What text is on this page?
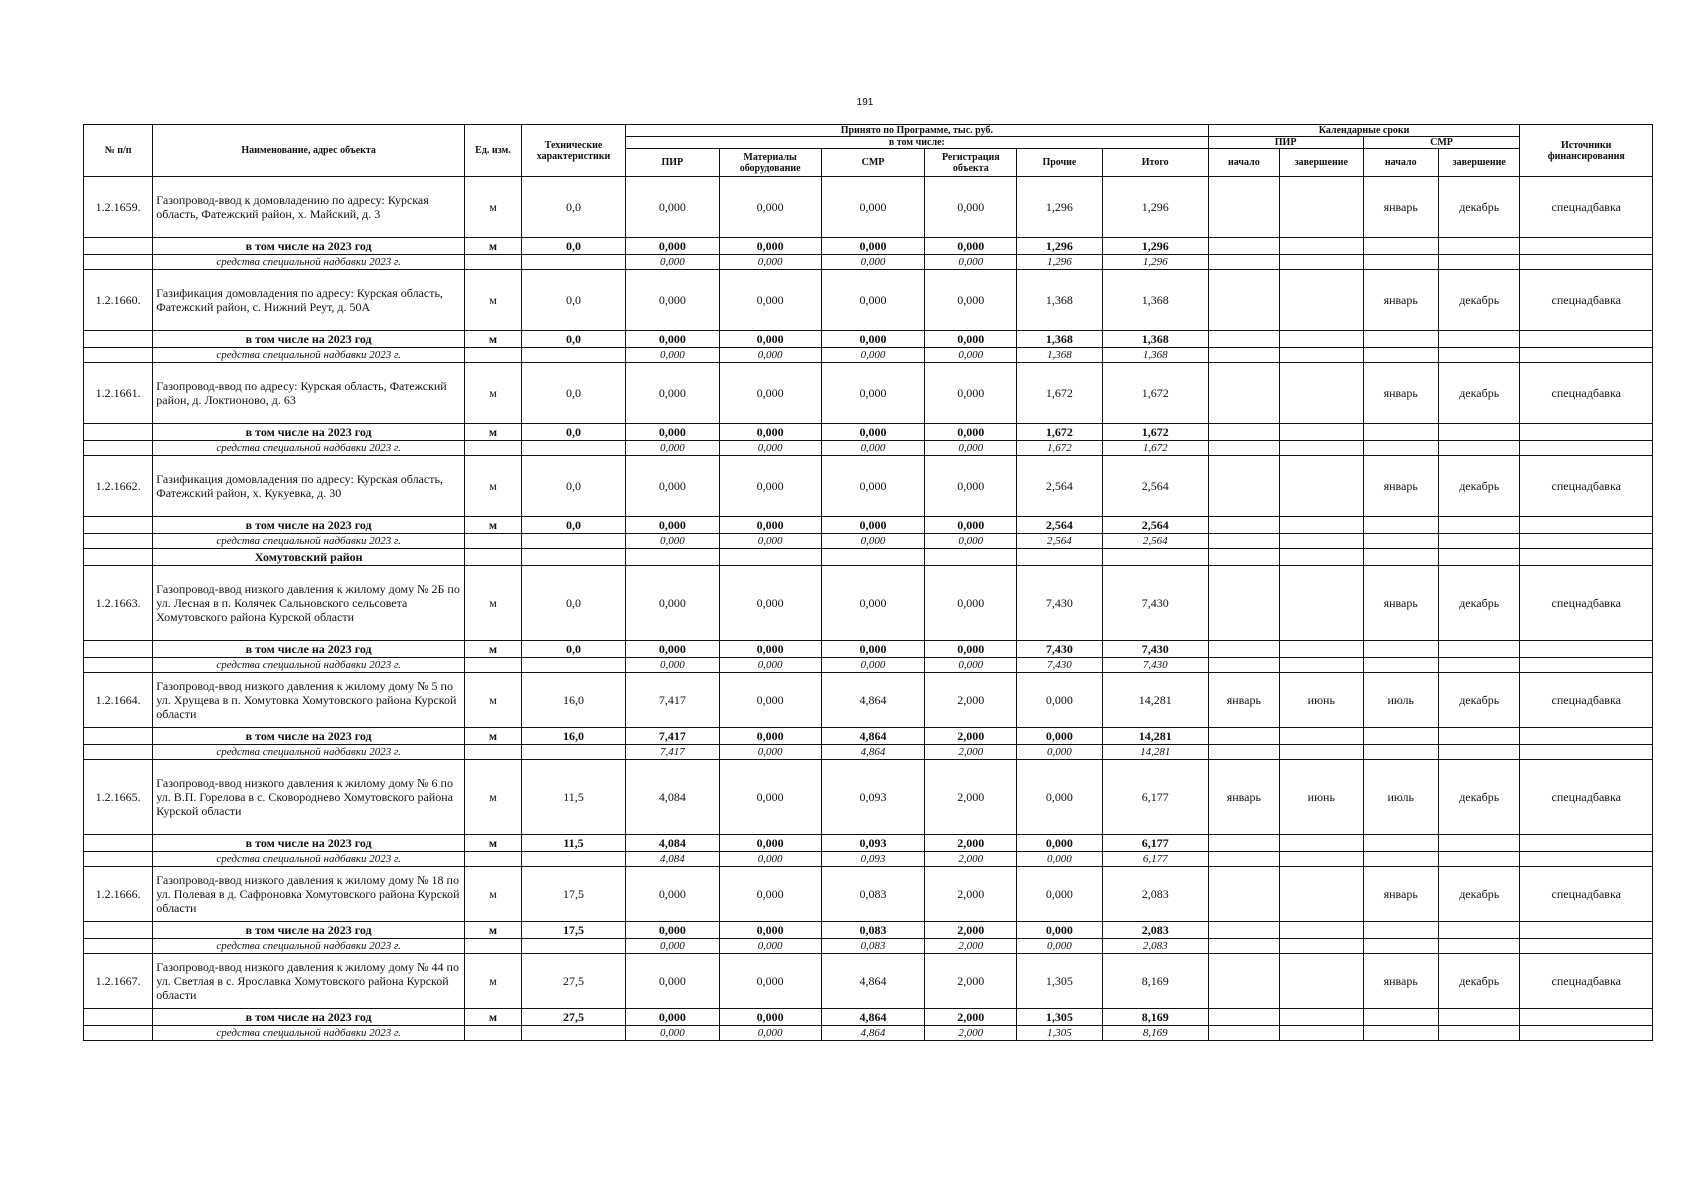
191
№ п/п	Наименование, адрес объекта	Ед. изм.	Технические характеристики	Принято по Программе, тыс. руб.						Календарные сроки				Источники финансирования
				в том числе:						ПИР		СМР		
				ПИР	Материалы оборудование	СМР	Регистрация объекта	Прочие	Итого	начало	завершение	начало	завершение	
1.2.1659.	Газопровод-ввод к домовладению по адресу: Курская область, Фатежский район, х. Майский, д. 3	м	0,0	0,000	0,000	0,000	0,000	1,296	1,296			январь	декабрь	спецнадбавка
	в том числе на 2023 год	м	0,0	0,000	0,000	0,000	0,000	1,296	1,296					
	средства специальной надбавки 2023 г.			0,000	0,000	0,000	0,000	1,296	1,296					
1.2.1660.	Газификация домовладения по адресу: Курская область, Фатежский район, с. Нижний Реут, д. 50А	м	0,0	0,000	0,000	0,000	0,000	1,368	1,368			январь	декабрь	спецнадбавка
	в том числе на 2023 год	м	0,0	0,000	0,000	0,000	0,000	1,368	1,368					
	средства специальной надбавки 2023 г.			0,000	0,000	0,000	0,000	1,368	1,368					
1.2.1661.	Газопровод-ввод по адресу: Курская область, Фатежский район, д. Локтионово, д. 63	м	0,0	0,000	0,000	0,000	0,000	1,672	1,672			январь	декабрь	спецнадбавка
	в том числе на 2023 год	м	0,0	0,000	0,000	0,000	0,000	1,672	1,672					
	средства специальной надбавки 2023 г.			0,000	0,000	0,000	0,000	1,672	1,672					
1.2.1662.	Газификация домовладения по адресу: Курская область, Фатежский район, х. Кукуевка, д. 30	м	0,0	0,000	0,000	0,000	0,000	2,564	2,564			январь	декабрь	спецнадбавка
	в том числе на 2023 год	м	0,0	0,000	0,000	0,000	0,000	2,564	2,564					
	средства специальной надбавки 2023 г.			0,000	0,000	0,000	0,000	2,564	2,564					
	Хомутовский район													
1.2.1663.	Газопровод-ввод низкого давления к жилому дому № 2Б по ул. Лесная в п. Колячек Сальновского сельсовета Хомутовского района Курской области	м	0,0	0,000	0,000	0,000	0,000	7,430	7,430			январь	декабрь	спецнадбавка
	в том числе на 2023 год	м	0,0	0,000	0,000	0,000	0,000	7,430	7,430					
	средства специальной надбавки 2023 г.			0,000	0,000	0,000	0,000	7,430	7,430					
1.2.1664.	Газопровод-ввод низкого давления к жилому дому № 5 по ул. Хрущева в п. Хомутовка Хомутовского района Курской области	м	16,0	7,417	0,000	4,864	2,000	0,000	14,281	январь	июнь	июль	декабрь	спецнадбавка
	в том числе на 2023 год	м	16,0	7,417	0,000	4,864	2,000	0,000	14,281					
	средства специальной надбавки 2023 г.			7,417	0,000	4,864	2,000	0,000	14,281					
1.2.1665.	Газопровод-ввод низкого давления к жилому дому № 6 по ул. В.П. Горелова в с. Сковороднево Хомутовского района Курской области	м	11,5	4,084	0,000	0,093	2,000	0,000	6,177	январь	июнь	июль	декабрь	спецнадбавка
	в том числе на 2023 год	м	11,5	4,084	0,000	0,093	2,000	0,000	6,177					
	средства специальной надбавки 2023 г.			4,084	0,000	0,093	2,000	0,000	6,177					
1.2.1666.	Газопровод-ввод низкого давления к жилому дому № 18 по ул. Полевая в д. Сафроновка Хомутовского района Курской области	м	17,5	0,000	0,000	0,083	2,000	0,000	2,083			январь	декабрь	спецнадбавка
	в том числе на 2023 год	м	17,5	0,000	0,000	0,083	2,000	0,000	2,083					
	средства специальной надбавки 2023 г.			0,000	0,000	0,083	2,000	0,000	2,083					
1.2.1667.	Газопровод-ввод низкого давления к жилому дому № 44 по ул. Светлая в с. Ярославка Хомутовского района Курской области	м	27,5	0,000	0,000	4,864	2,000	1,305	8,169			январь	декабрь	спецнадбавка
	в том числе на 2023 год	м	27,5	0,000	0,000	4,864	2,000	1,305	8,169					
	средства специальной надбавки 2023 г.			0,000	0,000	4,864	2,000	1,305	8,169					
